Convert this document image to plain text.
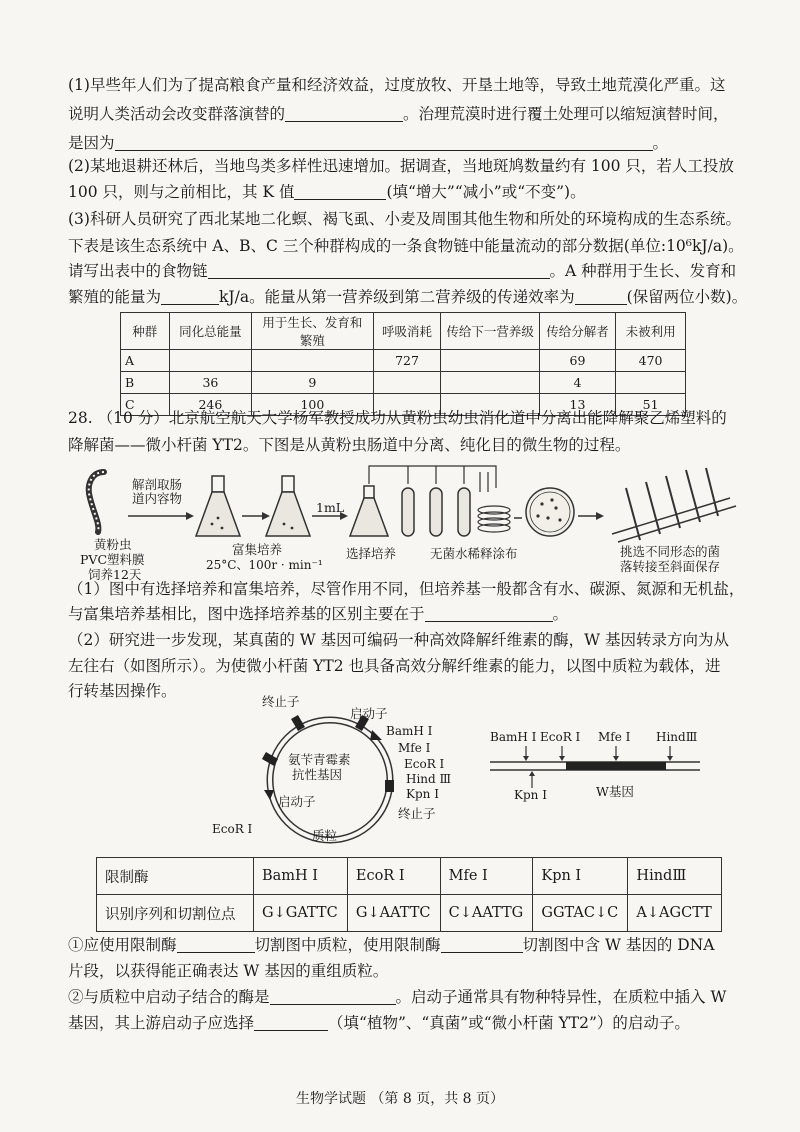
(1)早些年人们为了提高粮食产量和经济效益，过度放牧、开垦土地等，导致土地荒漠化严重。这
说明人类活动会改变群落演替的	。治理荒漠时进行覆土处理可以缩短演替时间，
是因为	。
(2)某地退耕还林后，当地鸟类多样性迅速增加。据调查，当地斑鸠数量约有 100 只，若人工投放
100 只，则与之前相比，其 K 值	(填“增大”“减小”或“不变”)。
(3)科研人员研究了西北某地二化螟、褐飞虱、小麦及周围其他生物和所处的环境构成的生态系统。
下表是该生态系统中 A、B、C 三个种群构成的一条食物链中能量流动的部分数据(单位:10⁶kJ/a)。
请写出表中的食物链	。A 种群用于生长、发育和
繁殖的能量为	kJ/a。能量从第一营养级到第二营养级的传递效率为	(保留两位小数)。
种群	同化总能量	用于生长、发育和繁殖	呼吸消耗	传给下一营养级	传给分解者	未被利用
A			727		69	470
B	36	9			4	
C	246	100			13	51
28. （10 分）北京航空航天大学杨军教授成功从黄粉虫幼虫消化道中分离出能降解聚乙烯塑料的
降解菌——微小杆菌 YT2。下图是从黄粉虫肠道中分离、纯化目的微生物的过程。
解剖取肠
道内容物
黄粉虫
PVC塑料膜
饲养12天
富集培养
25°C、100r · min⁻¹
1mL
选择培养	无菌水稀释涂布	挑选不同形态的菌
落转接至斜面保存
（1）图中有选择培养和富集培养，尽管作用不同，但培养基一般都含有水、碳源、氮源和无机盐，
与富集培养基相比，图中选择培养基的区别主要在于	。
（2）研究进一步发现，某真菌的 W 基因可编码一种高效降解纤维素的酶，W 基因转录方向为从
左往右（如图所示）。为使微小杆菌 YT2 也具备高效分解纤维素的能力，以图中质粒为载体，进
行转基因操作。
终止子
启动子
BamH I
Mfe I
EcoR I
Hind Ⅲ
Kpn I
终止子
氨苄青霉素
抗性基因
启动子
EcoR I	质粒
BamH I EcoR I Mfe I HindⅢ
Kpn I	W基因
限制酶	BamH Ⅰ	EcoR Ⅰ	Mfe Ⅰ	Kpn Ⅰ	HindⅢ
识别序列和切割位点	G↓GATTC	G↓AATTC	C↓AATTG	GGTAC↓C	A↓AGCTT
①应使用限制酶	切割图中质粒，使用限制酶	切割图中含 W 基因的 DNA
片段，以获得能正确表达 W 基因的重组质粒。
②与质粒中启动子结合的酶是	。启动子通常具有物种特异性，在质粒中插入 W
基因，其上游启动子应选择	（填“植物”、“真菌”或“微小杆菌 YT2”）的启动子。
生物学试题 （第 8 页，共 8 页）
